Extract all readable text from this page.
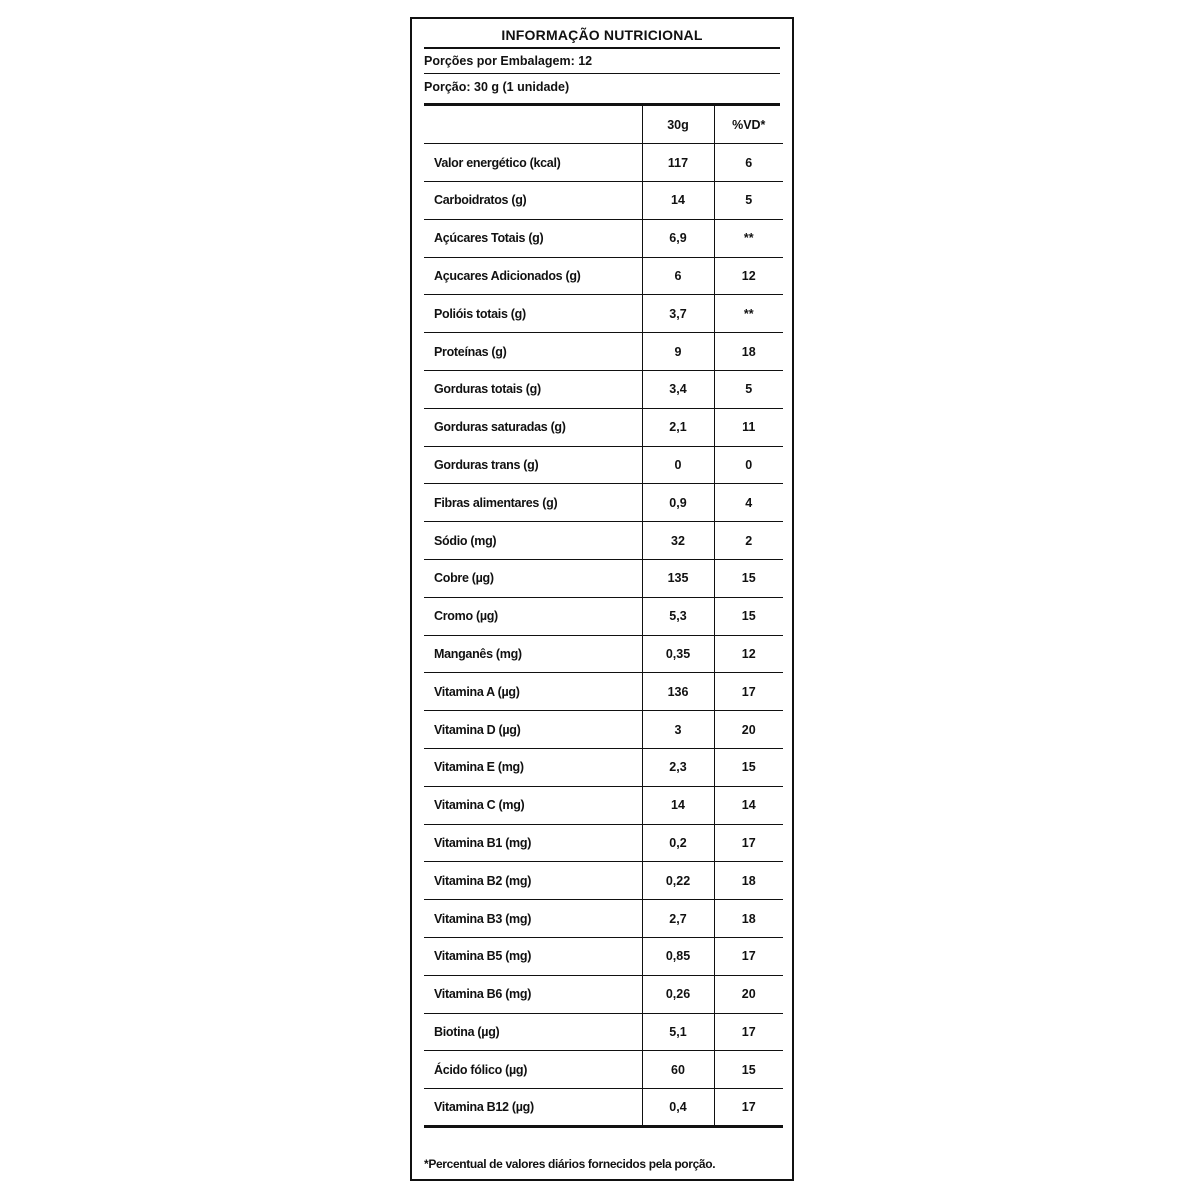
INFORMAÇÃO NUTRICIONAL
Porções por Embalagem: 12
Porção: 30 g (1 unidade)
	30g	%VD*
Valor energético (kcal)	117	6
Carboidratos (g)	14	5
Açúcares Totais (g)	6,9	**
Açucares Adicionados (g)	6	12
Polióis totais (g)	3,7	**
Proteínas (g)	9	18
Gorduras totais (g)	3,4	5
Gorduras saturadas (g)	2,1	11
Gorduras trans (g)	0	0
Fibras alimentares (g)	0,9	4
Sódio (mg)	32	2
Cobre (µg)	135	15
Cromo (µg)	5,3	15
Manganês (mg)	0,35	12
Vitamina A (µg)	136	17
Vitamina D (µg)	3	20
Vitamina E (mg)	2,3	15
Vitamina C (mg)	14	14
Vitamina B1 (mg)	0,2	17
Vitamina B2 (mg)	0,22	18
Vitamina B3 (mg)	2,7	18
Vitamina B5 (mg)	0,85	17
Vitamina B6 (mg)	0,26	20
Biotina (µg)	5,1	17
Ácido fólico (µg)	60	15
Vitamina B12 (µg)	0,4	17
*Percentual de valores diários fornecidos pela porção.
